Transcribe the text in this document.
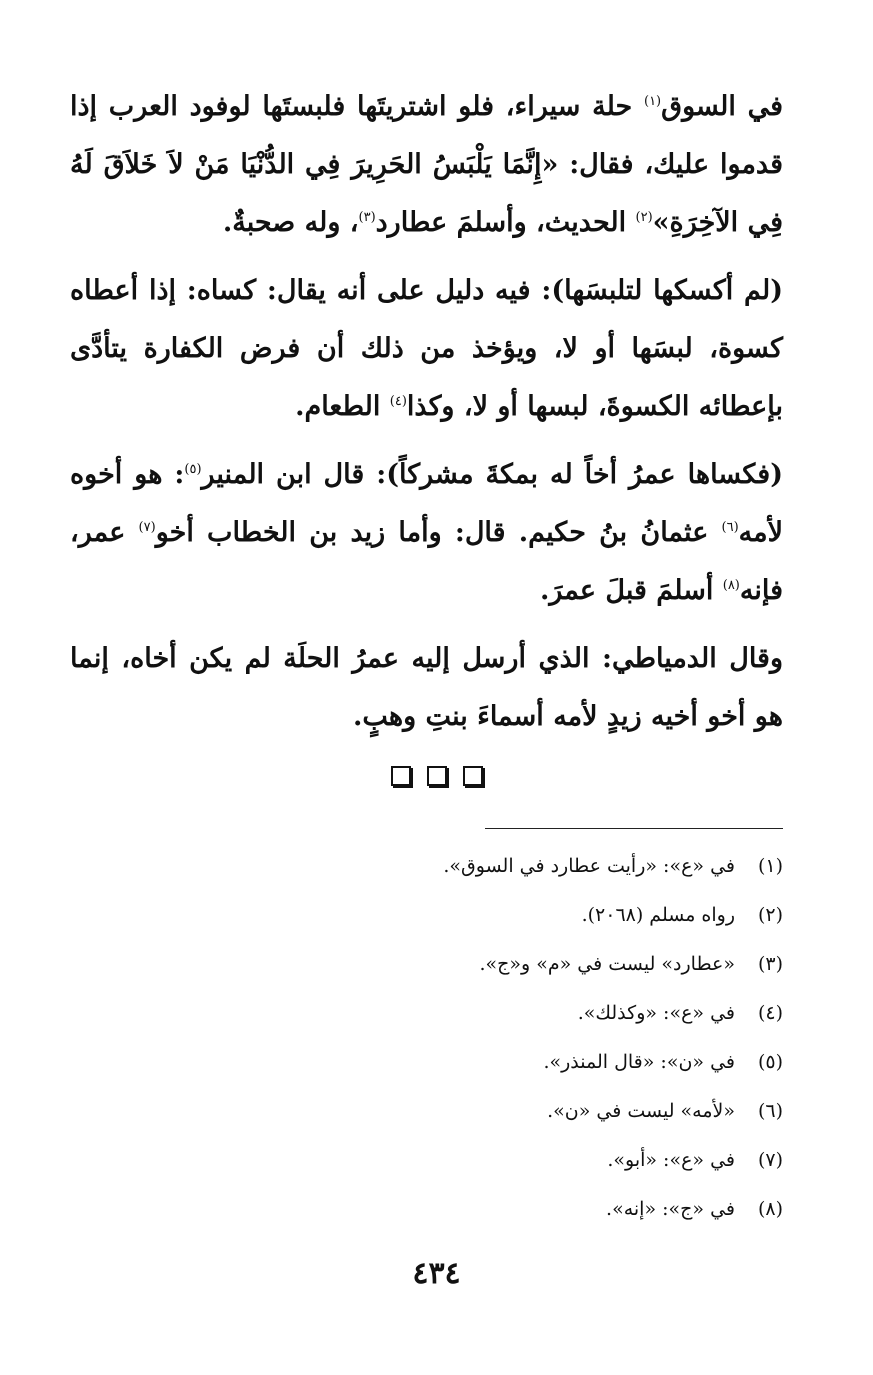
في السوق$^{(١)}$ حلة سيراء، فلو اشتريتَها فلبستَها لوفود العرب إذا قدموا عليك، فقال: «إِنَّمَا يَلْبَسُ الحَرِيرَ فِي الدُّنْيَا مَنْ لاَ خَلاَقَ لَهُ فِي الآخِرَةِ»$^{(٢)}$ الحديث، وأسلمَ عطارد$^{(٣)}$، وله صحبةٌ.

(لم أكسكها لتلبسَها): فيه دليل على أنه يقال: كساه: إذا أعطاه كسوة، لبسَها أو لا، ويؤخذ من ذلك أن فرض الكفارة يتأدَّى بإعطائه الكسوةَ، لبسها أو لا، وكذا$^{(٤)}$ الطعام.

(فكساها عمرُ أخاً له بمكةَ مشركاً): قال ابن المنير$^{(٥)}$: هو أخوه لأمه$^{(٦)}$ عثمانُ بنُ حكيم. قال: وأما زيد بن الخطاب أخو$^{(٧)}$ عمر، فإنه$^{(٨)}$ أسلمَ قبلَ عمرَ.

وقال الدمياطي: الذي أرسل إليه عمرُ الحلَة لم يكن أخاه، إنما هو أخو أخيه زيدٍ لأمه أسماءَ بنتِ وهبٍ.

(١)في «ع»: «رأيت عطارد في السوق».
(٢)رواه مسلم (٢٠٦٨).
(٣)«عطارد» ليست في «م» و«ج».
(٤)في «ع»: «وكذلك».
(٥)في «ن»: «قال المنذر».
(٦)«لأمه» ليست في «ن».
(٧)في «ع»: «أبو».
(٨)في «ج»: «إنه».
٤٣٤
